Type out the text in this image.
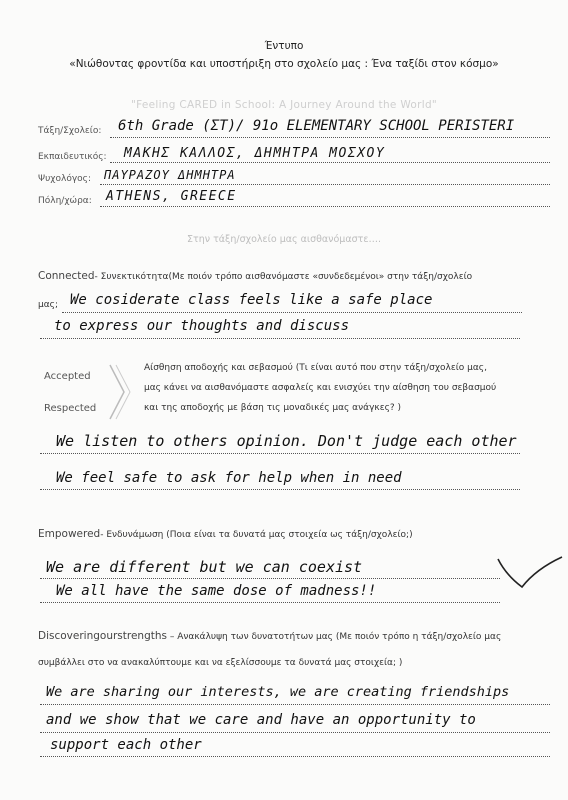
Έντυπο
«Νιώθοντας φροντίδα και υποστήριξη στο σχολείο μας : Ένα ταξίδι στον κόσμο»
"Feeling CARED in School: A Journey Around the World"
Τάξη/Σχολείο: 6th Grade (ΣΤ)/ 91ο ELEMENTARY SCHOOL PERISTERI
Εκπαιδευτικός: ΜΑΚΗΣ ΚΑΛΛΟΣ, ΔΗΜΗΤΡΑ ΜΟΣΧΟΥ
Ψυχολόγος: ΠΑΥΡΑΖΟΥ ΔΗΜΗΤΡΑ
Πόλη/χώρα: ATHENS, GREECE
Στην τάξη/σχολείο μας αισθανόμαστε….
Connected- Συνεκτικότητα(Με ποιόν τρόπο αισθανόμαστε «συνδεδεμένοι» στην τάξη/σχολείο
μας; We cosiderate class feels like a safe place
to express our thoughts and discuss
Accepted
Respected
Αίσθηση αποδοχής και σεβασμού (Τι είναι αυτό που στην τάξη/σχολείο μας,
μας κάνει να αισθανόμαστε ασφαλείς και ενισχύει την αίσθηση του σεβασμού
και της αποδοχής με βάση τις μοναδικές μας ανάγκες? )
We listen to others opinion. Don't judge each other
We feel safe to ask for help when in need
Empowered- Ενδυνάμωση (Ποια είναι τα δυνατά μας στοιχεία ως τάξη/σχολείο;)
We are different but we can coexist
We all have the same dose of madness!!
Discoveringourstrengths – Ανακάλυψη των δυνατοτήτων μας (Με ποιόν τρόπο η τάξη/σχολείο μας
συμβάλλει στο να ανακαλύπτουμε και να εξελίσσουμε τα δυνατά μας στοιχεία; )
We are sharing our interests, we are creating friendships
and we show that we care and have an opportunity to
support each other
